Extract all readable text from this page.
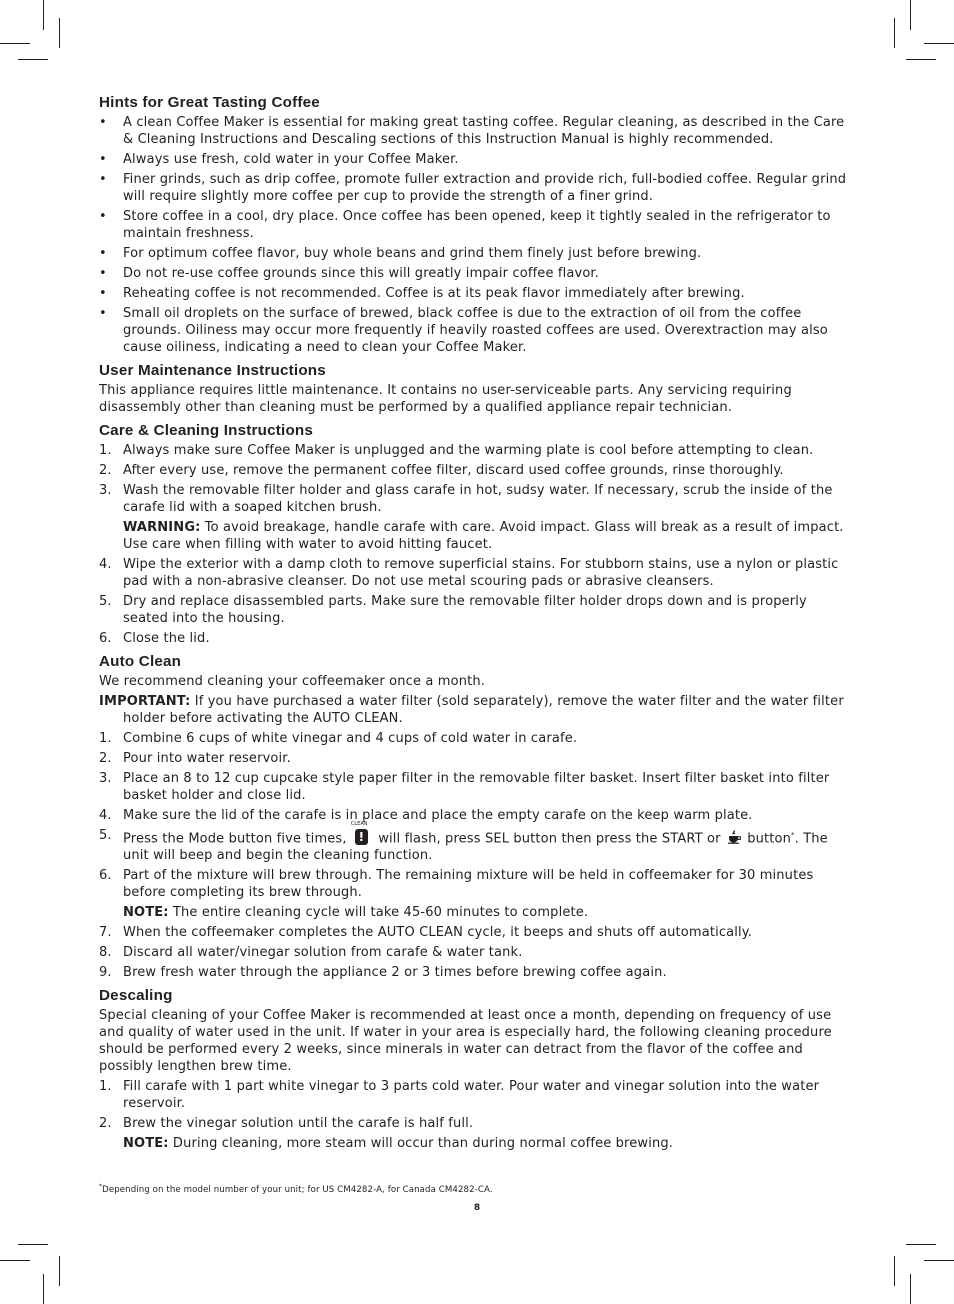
Hints for Great Tasting Coffee
• A clean Coffee Maker is essential for making great tasting coffee. Regular cleaning, as described in the Care & Cleaning Instructions and Descaling sections of this Instruction Manual is highly recommended.
• Always use fresh, cold water in your Coffee Maker.
• Finer grinds, such as drip coffee, promote fuller extraction and provide rich, full-bodied coffee. Regular grind will require slightly more coffee per cup to provide the strength of a finer grind.
• Store coffee in a cool, dry place. Once coffee has been opened, keep it tightly sealed in the refrigerator to maintain freshness.
• For optimum coffee flavor, buy whole beans and grind them finely just before brewing.
• Do not re-use coffee grounds since this will greatly impair coffee flavor.
• Reheating coffee is not recommended. Coffee is at its peak flavor immediately after brewing.
• Small oil droplets on the surface of brewed, black coffee is due to the extraction of oil from the coffee grounds. Oiliness may occur more frequently if heavily roasted coffees are used. Overextraction may also cause oiliness, indicating a need to clean your Coffee Maker.
User Maintenance Instructions

This appliance requires little maintenance. It contains no user-serviceable parts. Any servicing requiring disassembly other than cleaning must be performed by a qualified appliance repair technician.

Care & Cleaning Instructions
1. Always make sure Coffee Maker is unplugged and the warming plate is cool before attempting to clean.
2. After every use, remove the permanent coffee filter, discard used coffee grounds, rinse thoroughly.
3. Wash the removable filter holder and glass carafe in hot, sudsy water. If necessary, scrub the inside of the carafe lid with a soaped kitchen brush.
WARNING: To avoid breakage, handle carafe with care. Avoid impact. Glass will break as a result of impact. Use care when filling with water to avoid hitting faucet.
4. Wipe the exterior with a damp cloth to remove superficial stains. For stubborn stains, use a nylon or plastic pad with a non-abrasive cleanser. Do not use metal scouring pads or abrasive cleansers.
5. Dry and replace disassembled parts. Make sure the removable filter holder drops down and is properly seated into the housing.
6. Close the lid.
Auto Clean

We recommend cleaning your coffeemaker once a month.

IMPORTANT: If you have purchased a water filter (sold separately), remove the water filter and the water filter holder before activating the AUTO CLEAN.
1. Combine 6 cups of white vinegar and 4 cups of cold water in carafe.
2. Pour into water reservoir.
3. Place an 8 to 12 cup cupcake style paper filter in the removable filter basket. Insert filter basket into filter basket holder and close lid.
4. Make sure the lid of the carafe is in place and place the empty carafe on the keep warm plate.
5. Press the Mode button five times,
CLEAN
! will flash, press SEL button then press the START or button*. The unit will beep and begin the cleaning function.
6. Part of the mixture will brew through. The remaining mixture will be held in coffeemaker for 30 minutes before completing its brew through.
NOTE: The entire cleaning cycle will take 45-60 minutes to complete.
7. When the coffeemaker completes the AUTO CLEAN cycle, it beeps and shuts off automatically.
8. Discard all water/vinegar solution from carafe & water tank.
9. Brew fresh water through the appliance 2 or 3 times before brewing coffee again.
Descaling

Special cleaning of your Coffee Maker is recommended at least once a month, depending on frequency of use and quality of water used in the unit. If water in your area is especially hard, the following cleaning procedure should be performed every 2 weeks, since minerals in water can detract from the flavor of the coffee and possibly lengthen brew time.

1. Fill carafe with 1 part white vinegar to 3 parts cold water. Pour water and vinegar solution into the water reservoir.
2. Brew the vinegar solution until the carafe is half full.
NOTE: During cleaning, more steam will occur than during normal coffee brewing.
*Depending on the model number of your unit; for US CM4282-A, for Canada CM4282-CA.
8
